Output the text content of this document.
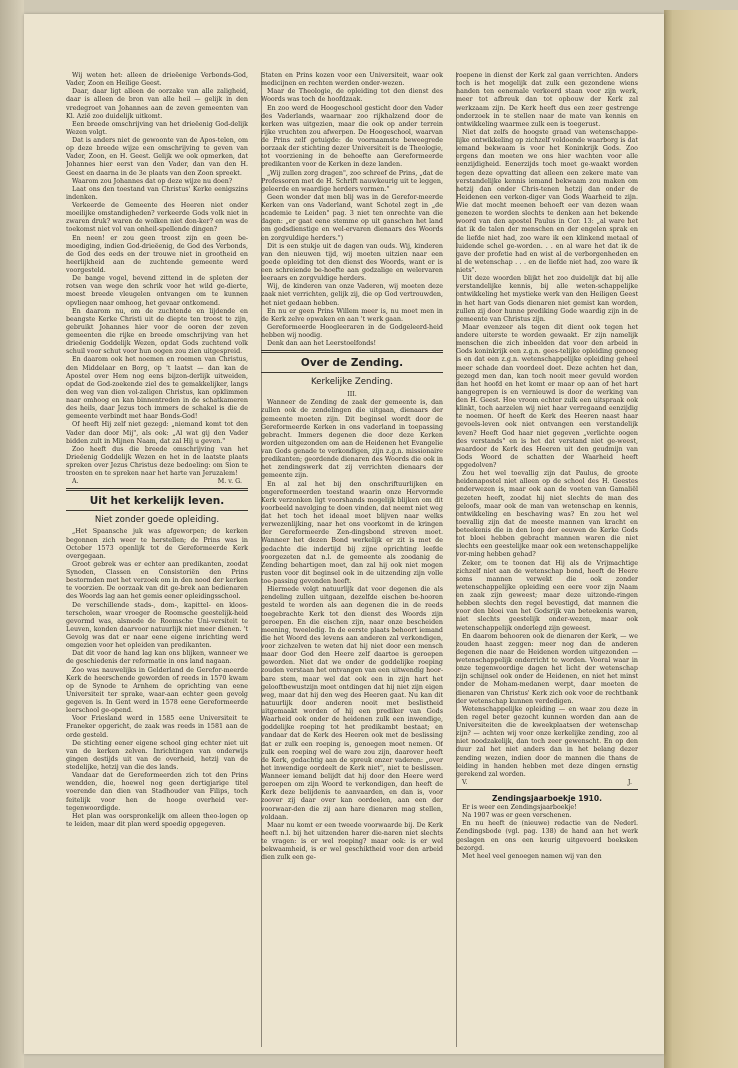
Wij weten het: alleen de drieëenige Verbonds-God, Vader, Zoon en Heilige Geest.

Daar, daar ligt alleen de oorzake van alle zaligheid, daar is alleen de bron van alle heil — gelijk in den vredegroet van Johannes aan de zeven gemeenten van Kl. Azië zoo duidelijk uitkomt.

Een breede omschrijving van het drieëenig God-delijk Wezen volgt.

Dat is anders niet de gewoonte van de Apos-telen, om op deze breede wijze een omschrijving te geven van Vader, Zoon, en H. Geest. Gelijk we ook opmerken, dat Johannes hier eerst van den Vader, dan van den H. Geest en daarna in de 3e plaats van den Zoon spreekt.

Waarom zou Johannes dat op deze wijze nu doen?

Laat ons den toestand van Christus' Kerke eenigszins indenken.

Verkeerde de Gemeente des Heeren niet onder moeilijke omstandigheden? verkeerde Gods volk niet in zwaren druk? waren de wolken niet don-ker? en was de toekomst niet vol van onheil-spellende dingen?

En neen! er zou geen troost zijn en geen be-moediging, indien God-drieëenig, de God des Verbonds, de God des eeds en der trouwe niet in grootheid en heerlijkheid aan de zuchtende gemeente werd voorgesteld.

De bange vogel, bevend zittend in de spleten der rotsen van wege den schrik voor het wild ge-dierte, moest breede vleugelen ontvangen om te kunnen opvliegen naar omhoog, het gevaar ontkomend.

En daarom nu, om de zuchtende en lijdende en beangste Kerke Christi uit de diepte ten troost te zijn, gebruikt Johannes hier voor de ooren der zeven gemeenten die rijke en breede omschrijving van het drieëenig Goddelijk Wezen, opdat Gods zuchtend volk schuil voor schut voor hun oogen zou zien uitgespreid.

En daarom ook het noemen en roemen van Christus, den Middelaar en Borg, op 't laatst — dan kan de Apostel over Hem nog eens bijzon-derlijk uitweiden, opdat de God-zoekende ziel des te gemakkelijker, langs den weg van dien vol-zaligen Christus, kan opklimmen naar omhoog en kan binnentreden in de schatkameren des heils, daar Jezus toch immers de schakel is die de gemeente verbindt met haar Bonds-God!

Of heeft Hij zelf niet gezegd: „niemand komt tot den Vader dan door Mij", als ook: „Al wat gij den Vader bidden zult in Mijnen Naam, dat zal Hij u geven."

Zoo heeft dus die breede omschrijving van het Drieëenig Goddelijk Wezen en het in de laatste plaats spreken over Jezus Christus deze bedoeling: om Sion te troosten en te spreken naar het harte van Jeruzalem!

A.	M. v. G.
Uit het kerkelijk leven.
Niet zonder goede opleiding.

„Het Spaansche juk was afgeworpen; de kerken begonnen zich weer te herstellen; de Prins was in October 1573 openlijk tot de Gereformeerde Kerk overgegaan.

Groot gebrek was er echter aan predikanten, zoodat Synoden, Classen en Consistoriën den Prins bestormden met het verzoek om in den nood der kerken te voorzien. De oorzaak van dit ge-brek aan bedienaren des Woords lag aan het gemis eener opleidingsschool.

De verschillende stads-, dom-, kapittel- en kloos-terscholen, waar vroeger de Roomsche geestelijk-heid gevormd was, alsmede de Roomsche Uni-versiteit te Leuven, konden daarvoor natuurlijk niet meer dienen. 't Gevolg was dat er naar eene eigene inrichting werd omgezien voor het opleiden van predikanten.

Dat dit voor de hand lag kan ons blijken, wanneer we de geschiedenis der reformatie in ons land nagaan.

Zoo was nauwelijks in Gelderland de Gerefor-meerde Kerk de heerschende geworden of reeds in 1570 kwam op de Synode te Arnhem de oprichting van eene Universiteit ter sprake, waar-aan echter geen gevolg gegeven is. In Gent werd in 1578 eene Gereformeerde leerschool ge-opend.

Voor Friesland werd in 1585 eene Universiteit te Franeker opgericht, de zaak was reeds in 1581 aan de orde gesteld.

De stichting eener eigene school ging echter niet uit van de kerken zelven. Inrichtingen van onderwijs gingen destijds uit van de overheid, hetzij van de stedelijke, hetzij van die des lands.

Vandaar dat de Gereformeerden zich tot den Prins wendden, die, hoewel nog geen dertigjarige titel voerende dan dien van Stadhouder van Filips, toch feitelijk voor hen de hooge overheid ver-tegenwoordigde.

Het plan was oorspronkelijk om alleen theo-logen op te leiden, maar dit plan werd spoedig opgegeven.

Staten en Prins kozen voor een Universiteit, waar ook medicijnen en rechten werden onder-wezen.

Maar de Theologie, de opleiding tot den dienst des Woords was toch de hoofdzaak.

En zoo werd de Hoogeschool gesticht door den Vader des Vaderlands, waarnaar zoo rijkhalzend door de kerken was uitgezien, maar die ook op ander terrein rijke vruchten zou afwerpen. De Hoogeschool, waarvan de Prins zelf getuigde: de voornaamste beweegrede oorzaak der stichting dezer Universiteit is de Theologie, tot voorziening in de behoefte aan Gereformeerde predikanten voor de Kerken in deze landen.

„Wij zullen zorg dragen", zoo schreef de Prins, „dat de Professoren met de H. Schrift nauwkeurig uit te leggen, geleerde en waardige herders vormen."

Geen wonder dat men blij was in de Gerefor-meerde Kerken van ons Vaderland, want Schotel zegt in „de academie te Leiden" pag. 3 niet ten onrechte van die dagen: „er gaat eene stemme op uit ganschen het land om godsdienstige en wel-ervaren dienaars des Woords en zorgvuldige herders.")

Dit is een stukje uit de dagen van ouds. Wij, kinderen van den nieuwen tijd, wij moeten uitzien naar een goede opleiding tot den dienst des Woords, want er is een schreiende be-hoefte aan godzalige en welervaren leeraars en zorgvuldige herders.

Wij, de kinderen van onze Vaderen, wij moeten deze zaak niet verrichten, gelijk zij, die op God vertrouwden, het niet gedaan hebben.

En nu er geen Prins Willem meer is, nu moet men in de Kerk zelve opwaken en aan 't werk gaan.

Gereformeerde Hoogleeraren in de Godgeleerd-heid hebben wij noodig.

Denk dan aan het Leerstoelfonds!

Over de Zending.
Kerkelijke Zending.
III.

Wanneer de Zending de zaak der gemeente is, dan zullen ook de zendelingen die uitgaan, dienaars der gemeente moeten zijn. Dit beginsel wordt door de Gereformeerde Kerken in ons vaderland in toepassing gebracht. Immers degenen die door deze Kerken worden uitgezonden om aan de Heidenen het Evangelie van Gods genade te verkondigen, zijn z.g.n. missionaire predikanten; geordende dienaren des Woords die ook in het zendingswerk dat zij verrichten dienaars der gemeente zijn.

En al zal het bij den onschriftuurlijken en ongereformeerden toestand waarin onze Hervormde Kerk verzonken ligt voorshands mogelijk blijken om dit voorbeeld navolging te doen vinden, dat neemt niet weg dat het toch het ideaal moet blijven naar welks verwezenlijking, naar het ons voorkomt in de kringen der Gereformeerde Zen-dingsbond streven moet. Wanneer het dezen Bond werkelijk er zit is met de gedachte die indertijd bij zijne oprichting leefde voorgezeten dat n.l. de gemeente als zoodanig de Zending behartigen moet, dan zal hij ook niet mogen rusten voor dit beginsel ook in de uitzending zijn volle toe-passing gevonden heeft.

Hiermede volgt natuurlijk dat voor degenen die als zendeling zullen uitgaan, dezelfde eischen be-hooren gesteld te worden als aan degenen die in de reeds toegebrachte Kerk tot den dienst des Woords zijn geroepen. En die eischen zijn, naar onze bescheiden meening, tweeledig. In de eerste plaats behoort iemand die het Woord des levens aan anderen zal verkondigen, voor zichzelven te weten dat hij niet door een mensch maar door God den Heere zelf daartoe is geroepen geworden. Niet dat we onder de goddelijke roeping zouden verstaan het ontvangen van een uitwendig hoor-bare stem, maar wel dat ook een in zijn hart het gelooftbewustzijn moet ontdingen dat hij niet zijn eigen weg, maar dat hij den weg des Heeren gaat. Nu kan dit natuurlijk door anderen nooit met beslistheid uitgemaakt worden of hij een prediker van Gods Waarheid ook onder de heidenen zulk een inwendige, goddelijke roeping tot het predikambt bestaat; en vandaar dat de Kerk des Heeren ook met de beslissing dat er zulk een roeping is, genoegen moet nemen. Of zulk een roeping wel de ware zou zijn, daarover heeft de Kerk, gedachtig aan de spreuk onzer vaderen: „over het inwendige oordeelt de Kerk niet", niet te beslissen. Wanneer iemand belijdt dat hij door den Heere werd geroepen om zijn Woord te verkondigen, dan heeft de Kerk deze belijdenis te aanvaarden, en dan is, voor zoover zij daar over kan oordeelen, aan een der voorwaar-den die zij aan hare dienaren mag stellen, voldaan.

Maar nu komt er een tweede voorwaarde bij. De Kerk heeft n.l. bij het uitzenden harer die-naren niet slechts te vragen: is er wel roeping? maar ook: is er wel bekwaamheid, is er wel geschiktheid voor den arbeid dien zulk een ge-

roepene in dienst der Kerk zal gaan verrichten. Anders toch is het mogelijk dat zulk een gezondene wiens handen ten eenemale verkeerd staan voor zijn werk, meer tot afbreuk dan tot opbouw der Kerk zal werkzaam zijn. De Kerk heeft dus een zeer gestrenge onderzoek in te stellen naar de mate van kennis en ontwikkeling waarmee zulk een is toegerust.

Niet dat zelfs de hoogste graad van wetenschappe-lijke ontwikkeling op zichzelf voldoende waarborg is dat iemand bekwaam is voor het Koninkrijk Gods. Zoo ergens dan moeten we ons hier wachten voor alle eenzijdigheid. Eenerzijds toch moet ge-waakt worden tegen deze opvatting dat alleen een zekere mate van verstandelijke kennis iemand bekwaam zou maken om hetzij dan onder Chris-tenen hetzij dan onder de Heidenen een verkon-diger van Gods Waarheid te zijn. Wie dat mocht meenen behoeft eer van dezen waan genezen te worden slechts te denken aan het bekende woord van den apostel Paulus in Cor. 13: „al ware het dat ik de talen der menschen en der engelen sprak en de liefde niet had, zoo ware ik een klinkend metaal of luidende schel ge-worden. . . en al ware het dat ik de gave der profetie had en wist al de verborgenheden en al de wetenschap . . . en de liefde niet had, zoo ware ik niets".

Uit deze woorden blijkt het zoo duidelijk dat bij alle verstandelijke kennis, bij alle weten-schappelijke ontwikkeling het mystieke werk van den Heiligen Geest in het hart van Gods dienaren niet gemist kan worden, zullen zij door hunne prediking Gode waardig zijn in de gemeente van Christus zijn.

Maar evenzeer als tegen dit dient ook tegen het andere uiterste te worden gewaakt. Er zijn namelijk menschen die zich inbeelden dat voor den arbeid in Gods koninkrijk een z.g.n. gees-telijke opleiding genoeg is en dat een z.g.n. wetenschappelijke opleiding geheel meer schade dan voordeel doet. Deze achten het dan, gezegd men dan, kan toch nooit meer gevuld worden dan het hoofd en het komt er maar op aan of het hart aangegrepen is en vernieuwd is door de werking van den H. Geest. Hoe vroom echter zulk een uitspraak ook klinkt, toch aarzelen wij niet haar verregaand eenzijdig te noemen. Of heeft de Kerk des Heeren naast haar gevoels-leven ook niet ontvangen een verstandelijk leven? Heeft God haar niet gegeven „verlichte oogen des verstands" en is het dat verstand niet ge-weest, waardoor de Kerk des Heeren uit den geudmijn van Gods Woord de schatten der Waarheid heeft opgedolven?

Zou het wel toevallig zijn dat Paulus, de groote heidenapostel niet alleen op de school des H. Geestes onderwezen is, maar ook aan de voeten van Gamaliël gezeten heeft, zoodat hij niet slechts de man des geloofs, maar ook de man van wetenschap en kennis, ontwikkeling en beschaving was? En zou het wel toevallig zijn dat de meeste mannen van kracht en beteekenis die in den loop der eeuwen de Kerke Gods tot bloei hebben gebracht mannen waren die niet slechts een geestelijke maar ook een wetenschappelijke vor-ming hebben gehad?

Zeker, om te toonen dat Hij als de Vrijmachtige zichzelf niet aan de wetenschap bond, heeft de Heere soms mannen verwekt die ook zonder wetenschappelijke opleiding een eere voor zijn Naam en zaak zijn geweest; maar deze uitzonde-ringen hebben slechts den regel bevestigd, dat mannen die voor den bloei van het Godsrijk van beteekenis waren, niet slechts geestelijk onder-wezen, maar ook wetenschappelijk onderlegd zijn geweest.

En daarom behooren ook de dienaren der Kerk, — we zouden haast zeggen: meer nog dan de anderen degenen die naar de Heidenen worden uitgezonden — wetenschappelijk onderricht te worden. Vooral waar in onze tegenwoordige dagen het licht der wetenschap zijn schijnsel ook onder de Heidenen, en niet het minst onder de Moham-medanen werpt, daar moeten de dienaren van Christus' Kerk zich ook voor de rechtbank der wetenschap kunnen verdedigen.

Wetenschappelijke opleiding — en waar zou deze in den regel beter gezocht kunnen worden dan aan de Universiteiten die de kweekplaatsen der wetenschap zijn? — achten wij voor onze kerkelijke zending, zoo al niet noodzakelijk, dan toch zeer gewenscht. En op den duur zal het niet anders dan in het belang dezer zending wezen, indien door de mannen die thans de leiding in handen hebben met deze dingen ernstig gerekend zal worden.

V.	J.
Zendingsjaarboekje 1910.

Er is weer een Zendingsjaarboekje!

Na 1907 was er geen verschenen.

En nu heeft de (nieuwe) redactie van de Nederl. Zendingsbode (vgl. pag. 138) de hand aan het werk geslagen en ons een keurig uitgevoerd boeksken bezorgd.

Met heel veel genoegen namen wij van den
